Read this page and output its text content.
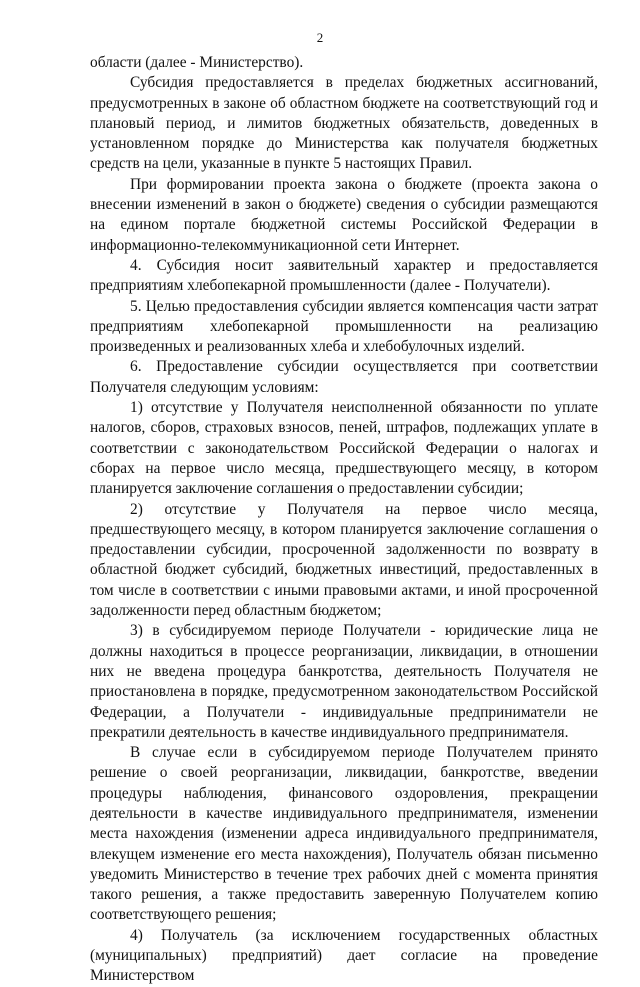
2

области (далее - Министерство).

Субсидия предоставляется в пределах бюджетных ассигнований, предусмотренных в законе об областном бюджете на соответствующий год и плановый период, и лимитов бюджетных обязательств, доведенных в установленном порядке до Министерства как получателя бюджетных средств на цели, указанные в пункте 5 настоящих Правил.

При формировании проекта закона о бюджете (проекта закона о внесении изменений в закон о бюджете) сведения о субсидии размещаются на едином портале бюджетной системы Российской Федерации в информационно-телекоммуникационной сети Интернет.

4. Субсидия носит заявительный характер и предоставляется предприятиям хлебопекарной промышленности (далее - Получатели).

5. Целью предоставления субсидии является компенсация части затрат предприятиям хлебопекарной промышленности на реализацию произведенных и реализованных хлеба и хлебобулочных изделий.

6. Предоставление субсидии осуществляется при соответствии Получателя следующим условиям:

1) отсутствие у Получателя неисполненной обязанности по уплате налогов, сборов, страховых взносов, пеней, штрафов, подлежащих уплате в соответствии с законодательством Российской Федерации о налогах и сборах на первое число месяца, предшествующего месяцу, в котором планируется заключение соглашения о предоставлении субсидии;

2) отсутствие у Получателя на первое число месяца, предшествующего месяцу, в котором планируется заключение соглашения о предоставлении субсидии, просроченной задолженности по возврату в областной бюджет субсидий, бюджетных инвестиций, предоставленных в том числе в соответствии с иными правовыми актами, и иной просроченной задолженности перед областным бюджетом;

3) в субсидируемом периоде Получатели - юридические лица не должны находиться в процессе реорганизации, ликвидации, в отношении них не введена процедура банкротства, деятельность Получателя не приостановлена в порядке, предусмотренном законодательством Российской Федерации, а Получатели - индивидуальные предприниматели не прекратили деятельность в качестве индивидуального предпринимателя.

В случае если в субсидируемом периоде Получателем принято решение о своей реорганизации, ликвидации, банкротстве, введении процедуры наблюдения, финансового оздоровления, прекращении деятельности в качестве индивидуального предпринимателя, изменении места нахождения (изменении адреса индивидуального предпринимателя, влекущем изменение его места нахождения), Получатель обязан письменно уведомить Министерство в течение трех рабочих дней с момента принятия такого решения, а также предоставить заверенную Получателем копию соответствующего решения;

4) Получатель (за исключением государственных областных (муниципальных) предприятий) дает согласие на проведение Министерством
